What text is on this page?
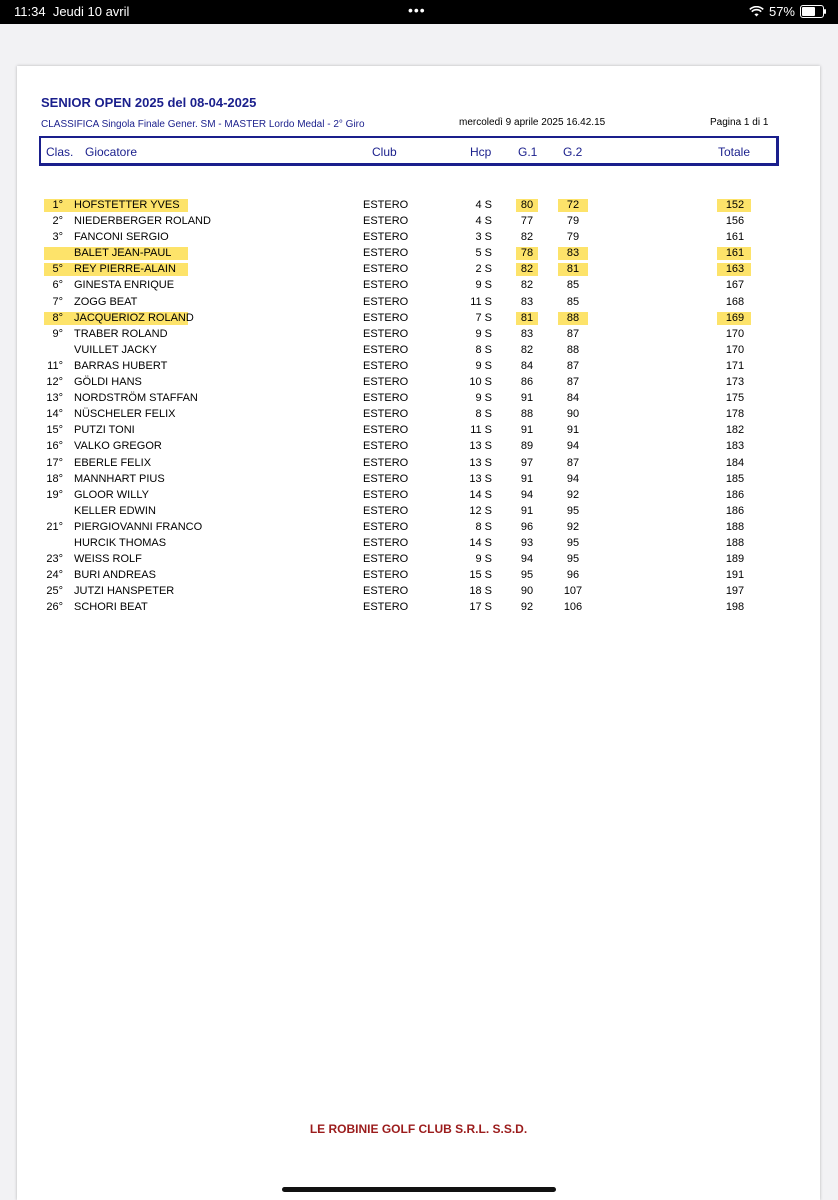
11:34 Jeudi 10 avril	•••	57%
SENIOR OPEN 2025 del 08-04-2025
CLASSIFICA Singola Finale Gener. SM - MASTER Lordo Medal - 2° Giro	mercoledì 9 aprile 2025 16.42.15	Pagina 1 di 1
Clas. Giocatore	Club	Hcp G.1 G.2	Totale
1° HOFSTETTER YVES	ESTERO	4 S	80	72	152
2° NIEDERBERGER ROLAND	ESTERO	4 S	77	79	156
3° FANCONI SERGIO	ESTERO	3 S	82	79	161
BALET JEAN-PAUL	ESTERO	5 S	78	83	161
5° REY PIERRE-ALAIN	ESTERO	2 S	82	81	163
6° GINESTA ENRIQUE	ESTERO	9 S	82	85	167
7° ZOGG BEAT	ESTERO	11 S	83	85	168
8° JACQUERIOZ ROLAND	ESTERO	7 S	81	88	169
9° TRABER ROLAND	ESTERO	9 S	83	87	170
VUILLET JACKY	ESTERO	8 S	82	88	170
11° BARRAS HUBERT	ESTERO	9 S	84	87	171
12° GÖLDI HANS	ESTERO	10 S	86	87	173
13° NORDSTRÖM STAFFAN	ESTERO	9 S	91	84	175
14° NÜSCHELER FELIX	ESTERO	8 S	88	90	178
15° PUTZI TONI	ESTERO	11 S	91	91	182
16° VALKO GREGOR	ESTERO	13 S	89	94	183
17° EBERLE FELIX	ESTERO	13 S	97	87	184
18° MANNHART PIUS	ESTERO	13 S	91	94	185
19° GLOOR WILLY	ESTERO	14 S	94	92	186
KELLER EDWIN	ESTERO	12 S	91	95	186
21° PIERGIOVANNI FRANCO	ESTERO	8 S	96	92	188
HURCIK THOMAS	ESTERO	14 S	93	95	188
23° WEISS ROLF	ESTERO	9 S	94	95	189
24° BURI ANDREAS	ESTERO	15 S	95	96	191
25° JUTZI HANSPETER	ESTERO	18 S	90	107	197
26° SCHORI BEAT	ESTERO	17 S	92	106	198
LE ROBINIE GOLF CLUB S.R.L. S.S.D.
